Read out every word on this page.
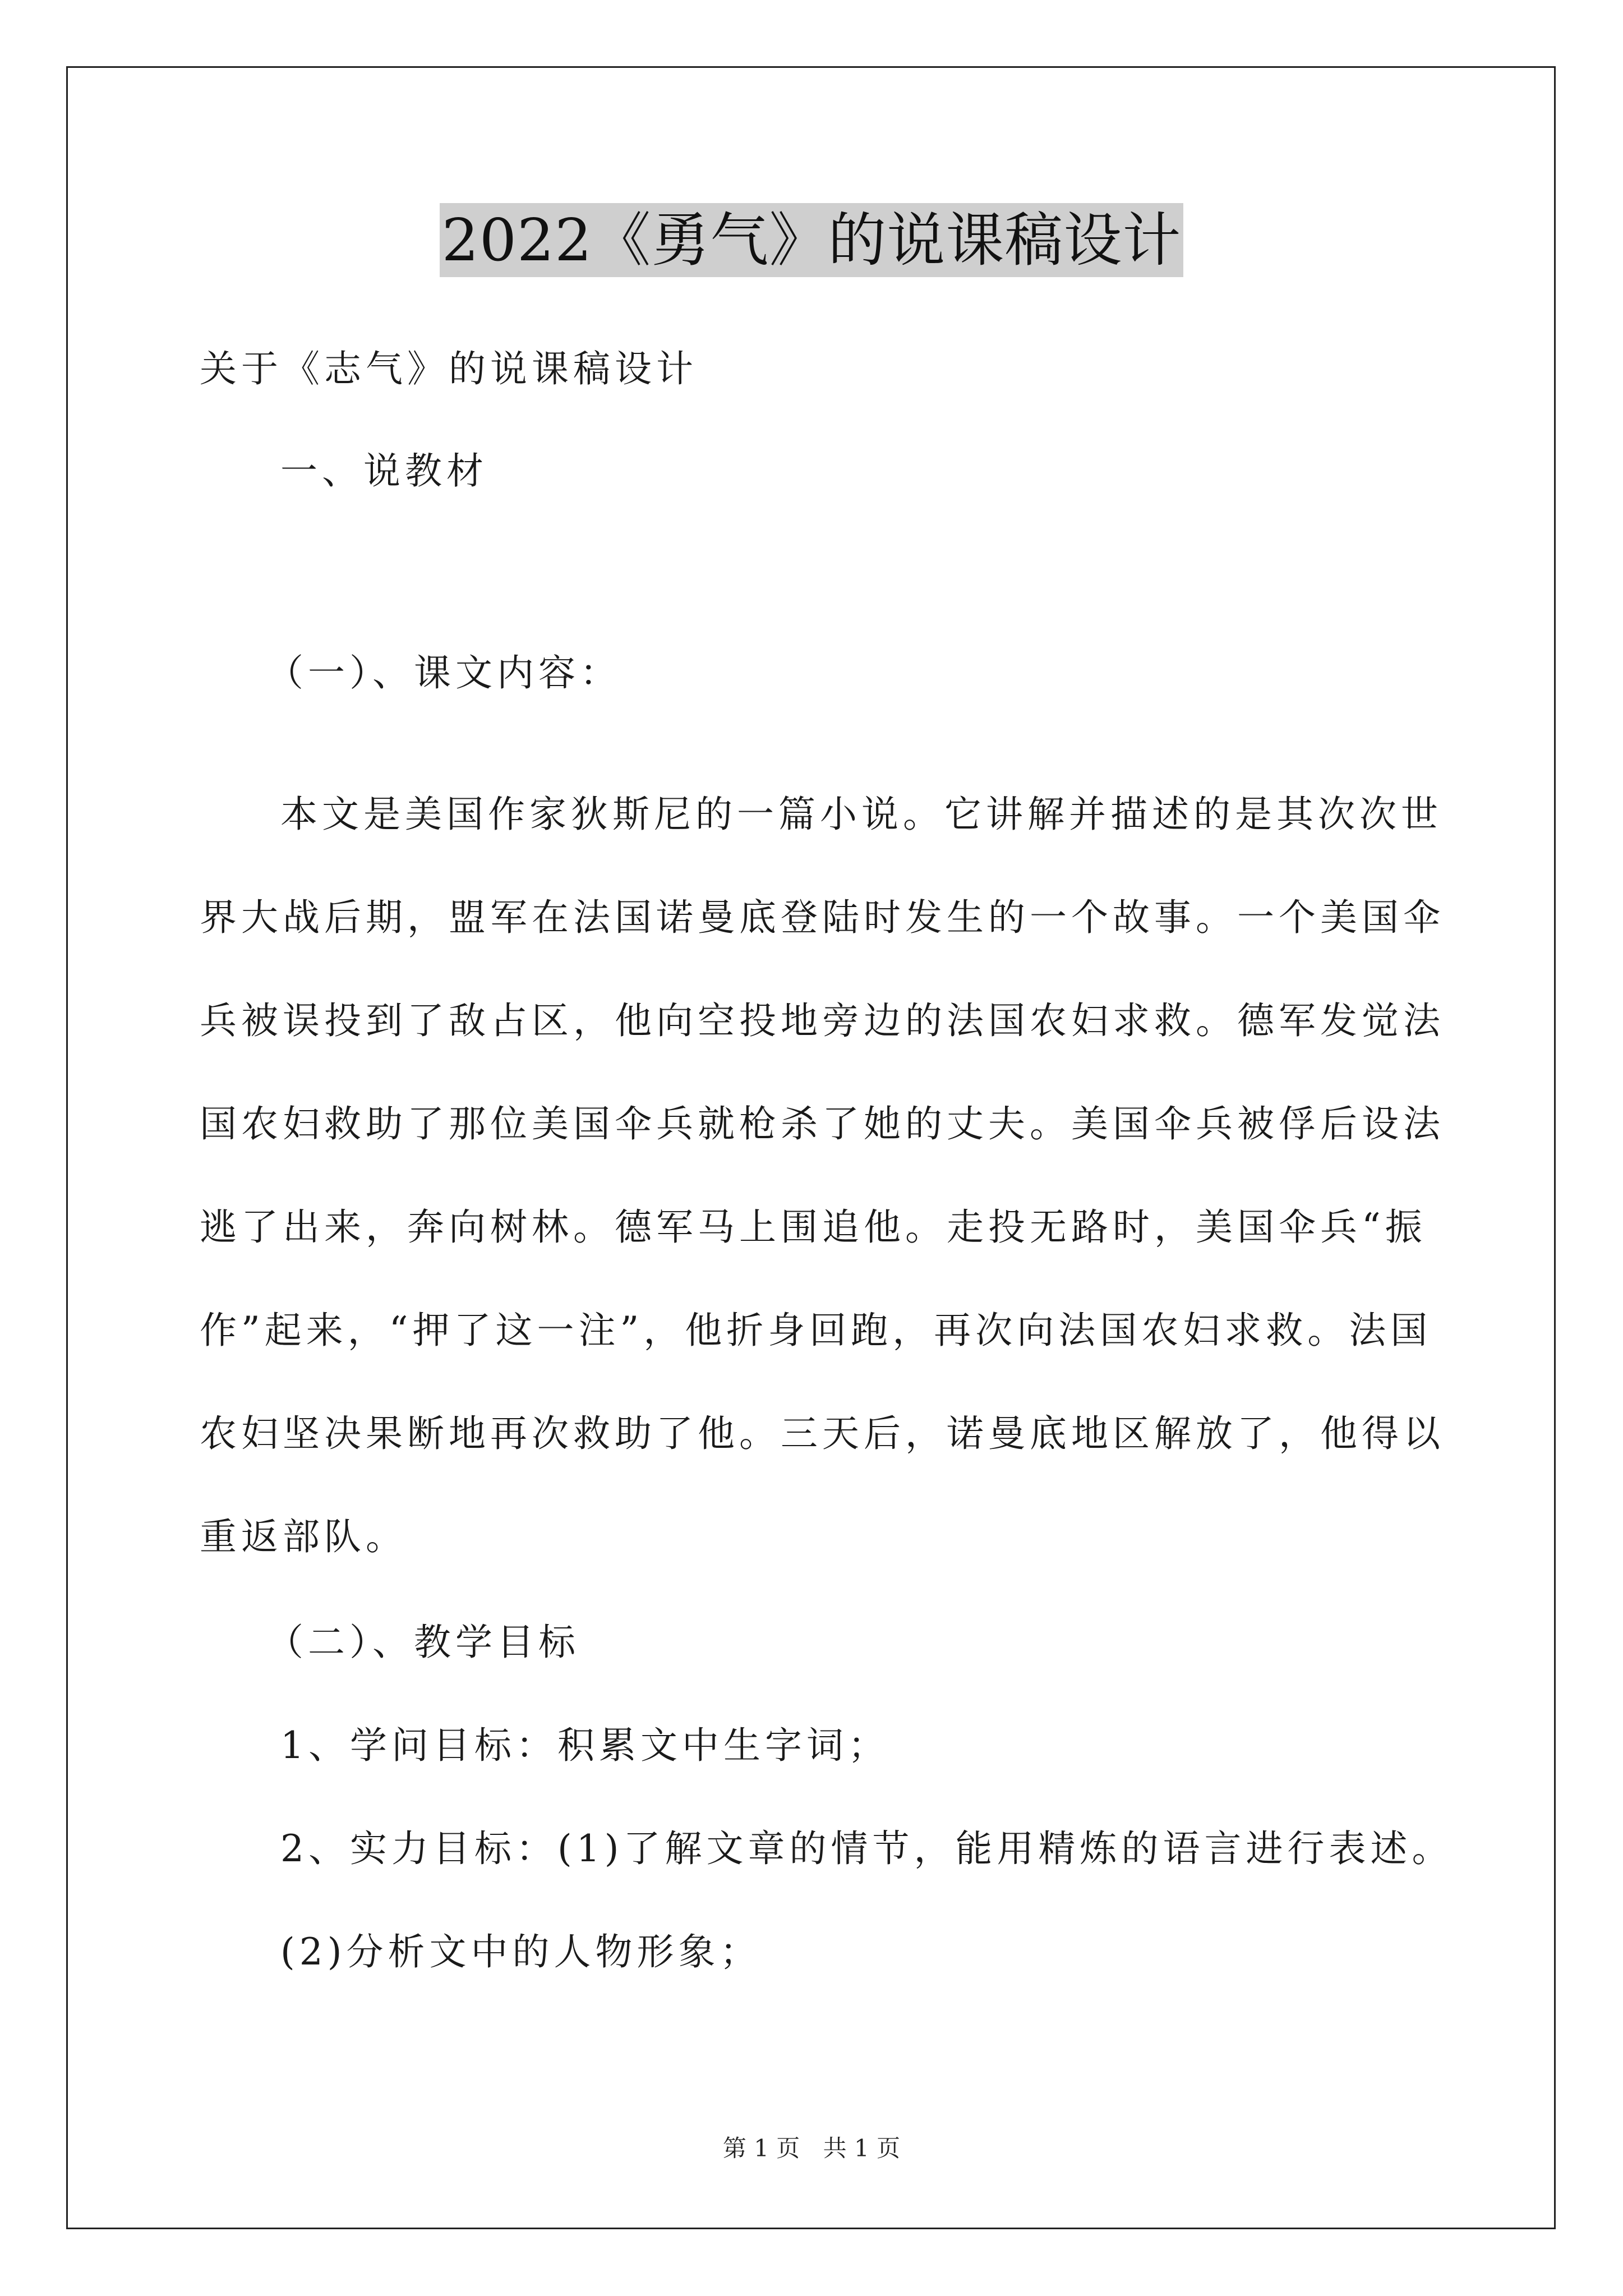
2022《勇气》的说课稿设计
关于《志气》的说课稿设计
一、说教材
（一）、课文内容：
本文是美国作家狄斯尼的一篇小说。它讲解并描述的是其次次世
界大战后期，盟军在法国诺曼底登陆时发生的一个故事。一个美国伞
兵被误投到了敌占区，他向空投地旁边的法国农妇求救。德军发觉法
国农妇救助了那位美国伞兵就枪杀了她的丈夫。美国伞兵被俘后设法
逃了出来，奔向树林。德军马上围追他。走投无路时，美国伞兵“振
作”起来，“押了这一注”，他折身回跑，再次向法国农妇求救。法国
农妇坚决果断地再次救助了他。三天后，诺曼底地区解放了，他得以
重返部队。
（二）、教学目标
1、学问目标：积累文中生字词；
2、实力目标：(1)了解文章的情节，能用精炼的语言进行表述。
(2)分析文中的人物形象；
第 1 页 共 1 页
